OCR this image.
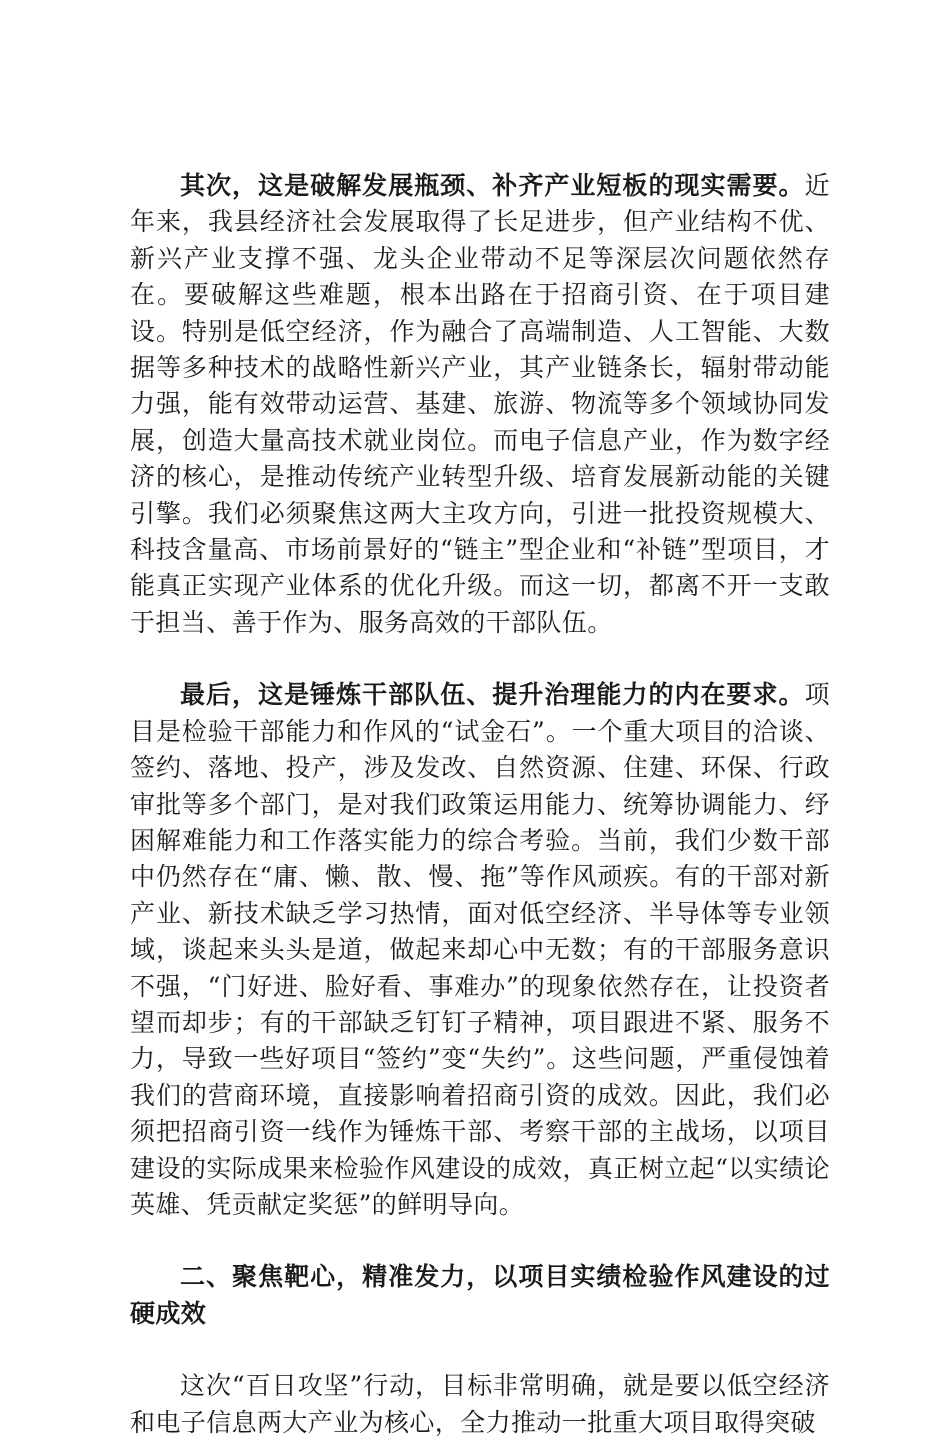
其次，这是破解发展瓶颈、补齐产业短板的现实需要。近年来，我县经济社会发展取得了长足进步，但产业结构不优、新兴产业支撑不强、龙头企业带动不足等深层次问题依然存在。要破解这些难题，根本出路在于招商引资、在于项目建设。特别是低空经济，作为融合了高端制造、人工智能、大数据等多种技术的战略性新兴产业，其产业链条长，辐射带动能力强，能有效带动运营、基建、旅游、物流等多个领域协同发展，创造大量高技术就业岗位。而电子信息产业，作为数字经济的核心，是推动传统产业转型升级、培育发展新动能的关键引擎。我们必须聚焦这两大主攻方向，引进一批投资规模大、科技含量高、市场前景好的“链主”型企业和“补链”型项目，才能真正实现产业体系的优化升级。而这一切，都离不开一支敢于担当、善于作为、服务高效的干部队伍。

最后，这是锤炼干部队伍、提升治理能力的内在要求。项目是检验干部能力和作风的“试金石”。一个重大项目的洽谈、签约、落地、投产，涉及发改、自然资源、住建、环保、行政审批等多个部门，是对我们政策运用能力、统筹协调能力、纾困解难能力和工作落实能力的综合考验。当前，我们少数干部中仍然存在“庸、懒、散、慢、拖”等作风顽疾。有的干部对新产业、新技术缺乏学习热情，面对低空经济、半导体等专业领域，谈起来头头是道，做起来却心中无数；有的干部服务意识不强，“门好进、脸好看、事难办”的现象依然存在，让投资者望而却步；有的干部缺乏钉钉子精神，项目跟进不紧、服务不力，导致一些好项目“签约”变“失约”。这些问题，严重侵蚀着我们的营商环境，直接影响着招商引资的成效。因此，我们必须把招商引资一线作为锤炼干部、考察干部的主战场，以项目建设的实际成果来检验作风建设的成效，真正树立起“以实绩论英雄、凭贡献定奖惩”的鲜明导向。

二、聚焦靶心，精准发力，以项目实绩检验作风建设的过硬成效

这次“百日攻坚”行动，目标非常明确，就是要以低空经济和电子信息两大产业为核心，全力推动一批重大项目取得突破
